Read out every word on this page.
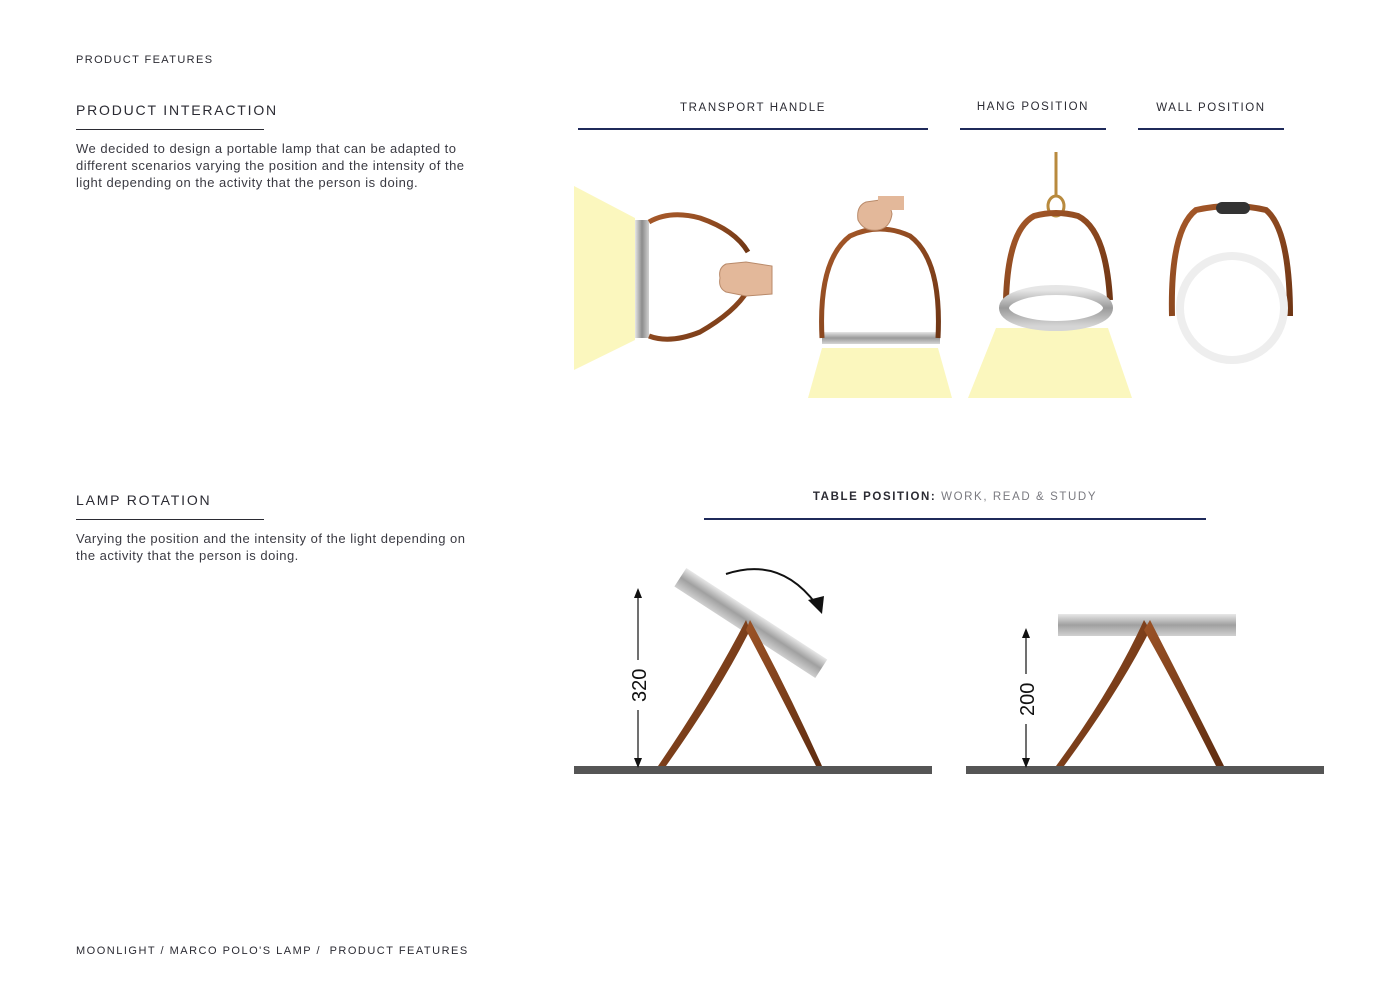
PRODUCT FEATURES
PRODUCT INTERACTION
We decided to design a portable lamp that can be adapted to different scenarios varying the position and the intensity of the light depending on the activity that the person is doing.
TRANSPORT HANDLE	HANG POSITION	WALL POSITION
LAMP ROTATION
Varying the position and the intensity of the light depending on the activity that the person is doing.
TABLE POSITION: WORK, READ & STUDY
320	200
MOONLIGHT / MARCO POLO'S LAMP / PRODUCT FEATURES
